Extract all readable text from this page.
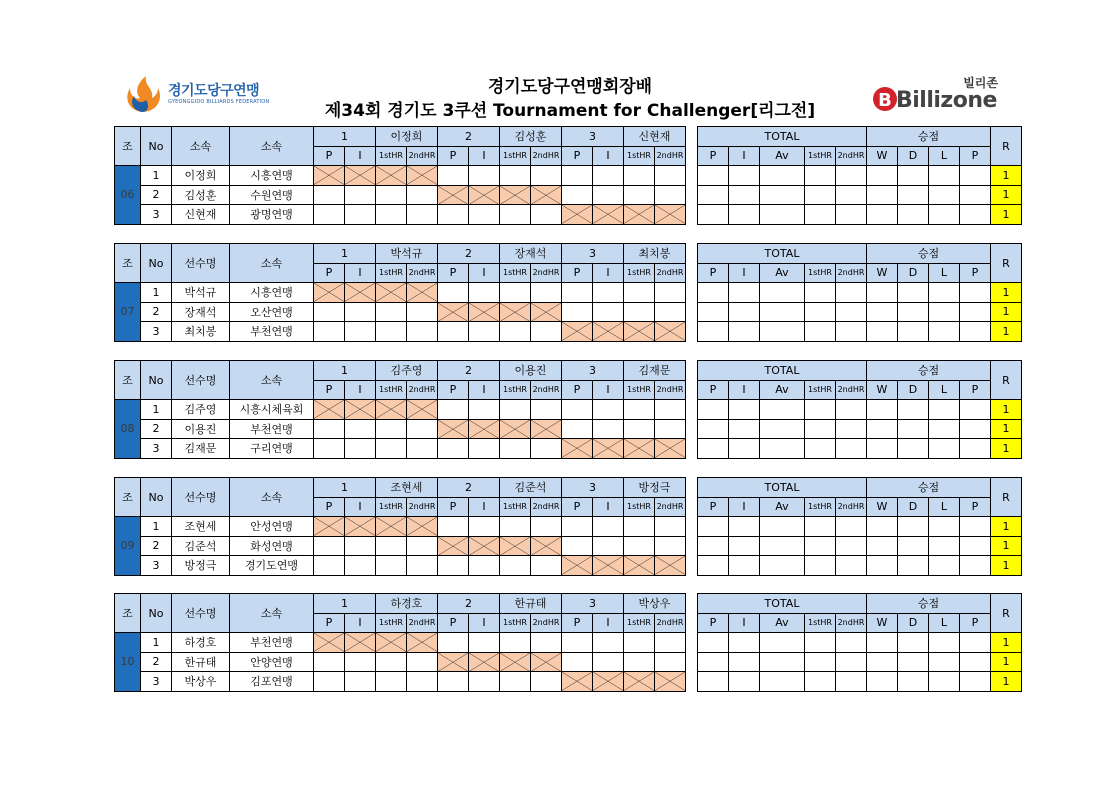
경기도당구연맹
GYEONGGIDO BILLIARDS FEDERATION
경기도당구연맹회장배
제34회 경기도 3쿠션 Tournament for Challenger[리그전]
빌리존
B Billizone
조	No	소속	소속	1		이정희		2		김성훈		3		신현재			TOTAL					승점				R
				P	I	1stHR	2ndHR	P	I	1stHR	2ndHR	P	I	1stHR	2ndHR		P	I	Av	1stHR	2ndHR	W	D	L	P	
06	1	이정희	시흥연맹																							1
	2	김성훈	수원연맹																							1
	3	신현재	광명연맹																							1
조	No	선수명	소속	1		박석규		2		장재석		3		최치봉			TOTAL					승점				R
				P	I	1stHR	2ndHR	P	I	1stHR	2ndHR	P	I	1stHR	2ndHR		P	I	Av	1stHR	2ndHR	W	D	L	P	
07	1	박석규	시흥연맹																							1
	2	장재석	오산연맹																							1
	3	최치봉	부천연맹																							1
조	No	선수명	소속	1		김주영		2		이용진		3		김재문			TOTAL					승점				R
				P	I	1stHR	2ndHR	P	I	1stHR	2ndHR	P	I	1stHR	2ndHR		P	I	Av	1stHR	2ndHR	W	D	L	P	
08	1	김주영	시흥시체육회																							1
	2	이용진	부천연맹																							1
	3	김재문	구리연맹																							1
조	No	선수명	소속	1		조현세		2		김준석		3		방정극			TOTAL					승점				R
				P	I	1stHR	2ndHR	P	I	1stHR	2ndHR	P	I	1stHR	2ndHR		P	I	Av	1stHR	2ndHR	W	D	L	P	
09	1	조현세	안성연맹																							1
	2	김준석	화성연맹																							1
	3	방정극	경기도연맹																							1
조	No	선수명	소속	1		하경호		2		한규태		3		박상우			TOTAL					승점				R
				P	I	1stHR	2ndHR	P	I	1stHR	2ndHR	P	I	1stHR	2ndHR		P	I	Av	1stHR	2ndHR	W	D	L	P	
10	1	하경호	부천연맹																							1
	2	한규태	안양연맹																							1
	3	박상우	김포연맹																							1
